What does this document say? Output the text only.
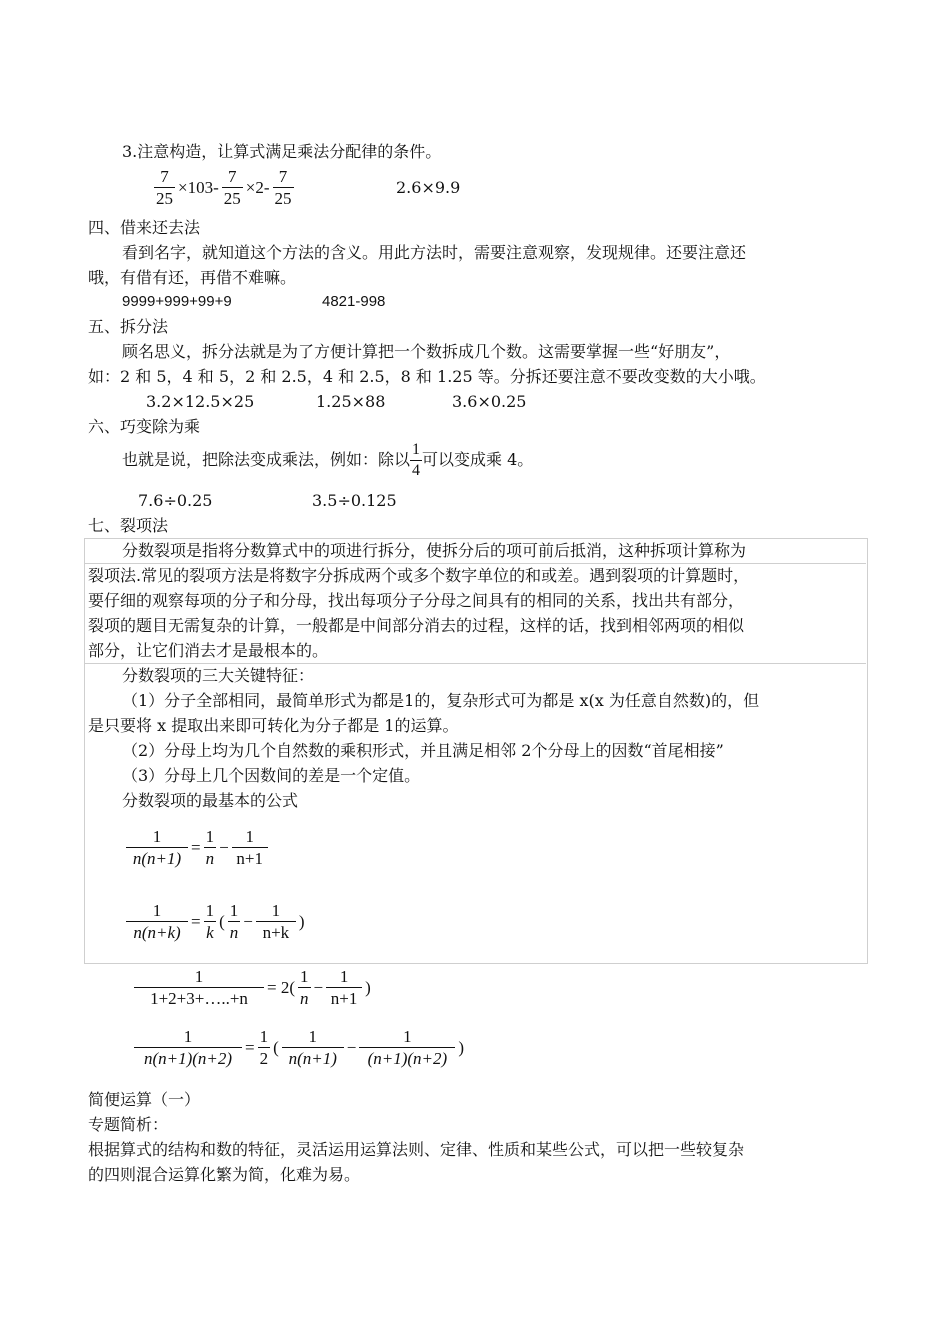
3.注意构造，让算式满足乘法分配律的条件。
$\frac{7}{25} \times 103- \frac{7}{25} \times 2- \frac{7}{25}$	2.6×9.9
四、借来还去法
看到名字，就知道这个方法的含义。用此方法时，需要注意观察，发现规律。还要注意还
哦，有借有还，再借不难嘛。
9999+999+99+9	4821-998
五、拆分法
顾名思义，拆分法就是为了方便计算把一个数拆成几个数。这需要掌握一些“好朋友”，
如：2 和 5，4 和 5，2 和 2.5，4 和 2.5，8 和 1.25 等。分拆还要注意不要改变数的大小哦。
3.2×12.5×25	1.25×88	3.6×0.25
六、巧变除为乘
也就是说，把除法变成乘法，例如：除以 $\frac{1}{4}$ 可以变成乘 4。
7.6÷0.25	3.5÷0.125
七、裂项法
分数裂项是指将分数算式中的项进行拆分，使拆分后的项可前后抵消，这种拆项计算称为
裂项法.常见的裂项方法是将数字分拆成两个或多个数字单位的和或差。遇到裂项的计算题时，
要仔细的观察每项的分子和分母，找出每项分子分母之间具有的相同的关系，找出共有部分，
裂项的题目无需复杂的计算，一般都是中间部分消去的过程，这样的话，找到相邻两项的相似
部分，让它们消去才是最根本的。
分数裂项的三大关键特征：
（1）分子全部相同，最简单形式为都是1的，复杂形式可为都是 x(x 为任意自然数)的，但
是只要将 x 提取出来即可转化为分子都是 1的运算。
（2）分母上均为几个自然数的乘积形式，并且满足相邻 2个分母上的因数“首尾相接”
（3）分母上几个因数间的差是一个定值。
分数裂项的最基本的公式
$\frac{1}{n(n+1)} = \frac{1}{n} - \frac{1}{n+1}$
$\frac{1}{n(n+k)} = \frac{1}{k}$ ( $\frac{1}{n} - \frac{1}{n+k}$ )
$\frac{1}{1+2+3+\dots..+n} = 2( \frac{1}{n} - \frac{1}{n+1}$ )
$\frac{1}{n(n+1)(n+2)} = \frac{1}{2}$ ( $\frac{1}{n(n+1)} - \frac{1}{(n+1)(n+2)}$ )
简便运算（一）
专题简析：
根据算式的结构和数的特征，灵活运用运算法则、定律、性质和某些公式，可以把一些较复杂
的四则混合运算化繁为简，化难为易。
